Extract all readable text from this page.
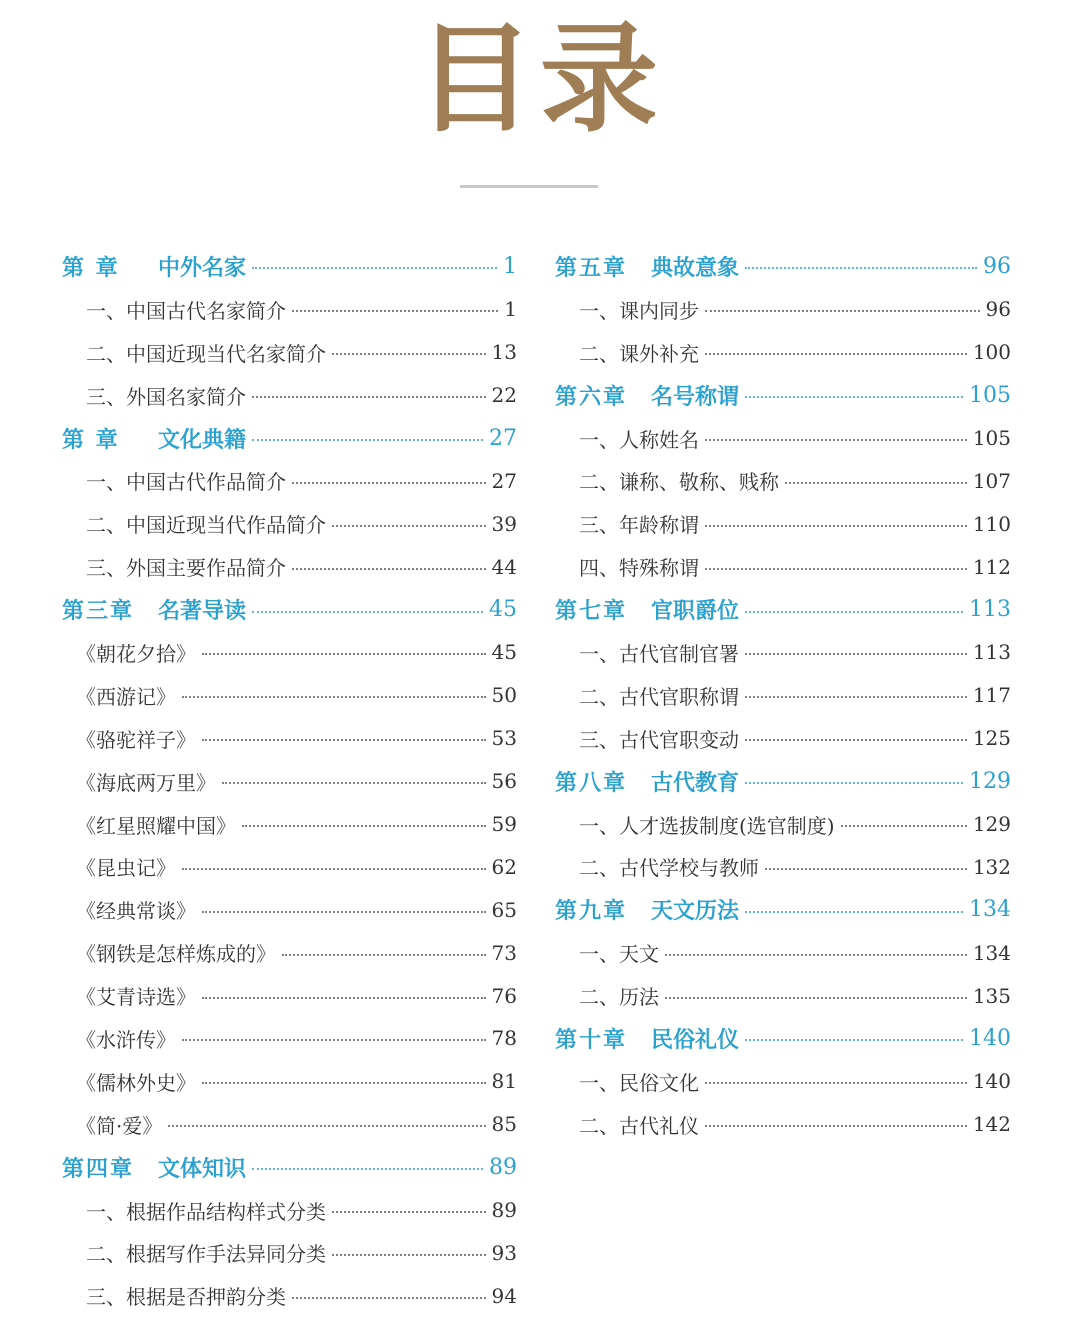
目录
第 章	中外名家	1
一、中国古代名家简介	1
二、中国近现当代名家简介	13
三、外国名家简介	22
第 章	文化典籍	27
一、中国古代作品简介	27
二、中国近现当代作品简介	39
三、外国主要作品简介	44
第三章	名著导读	45
《朝花夕拾》	45
《西游记》	50
《骆驼祥子》	53
《海底两万里》	56
《红星照耀中国》	59
《昆虫记》	62
《经典常谈》	65
《钢铁是怎样炼成的》	73
《艾青诗选》	76
《水浒传》	78
《儒林外史》	81
《简·爱》	85
第四章	文体知识	89
一、根据作品结构样式分类	89
二、根据写作手法异同分类	93
三、根据是否押韵分类	94
第五章	典故意象	96
一、课内同步	96
二、课外补充	100
第六章	名号称谓	105
一、人称姓名	105
二、谦称、敬称、贱称	107
三、年龄称谓	110
四、特殊称谓	112
第七章	官职爵位	113
一、古代官制官署	113
二、古代官职称谓	117
三、古代官职变动	125
第八章	古代教育	129
一、人才选拔制度(选官制度)	129
二、古代学校与教师	132
第九章	天文历法	134
一、天文	134
二、历法	135
第十章	民俗礼仪	140
一、民俗文化	140
二、古代礼仪	142
